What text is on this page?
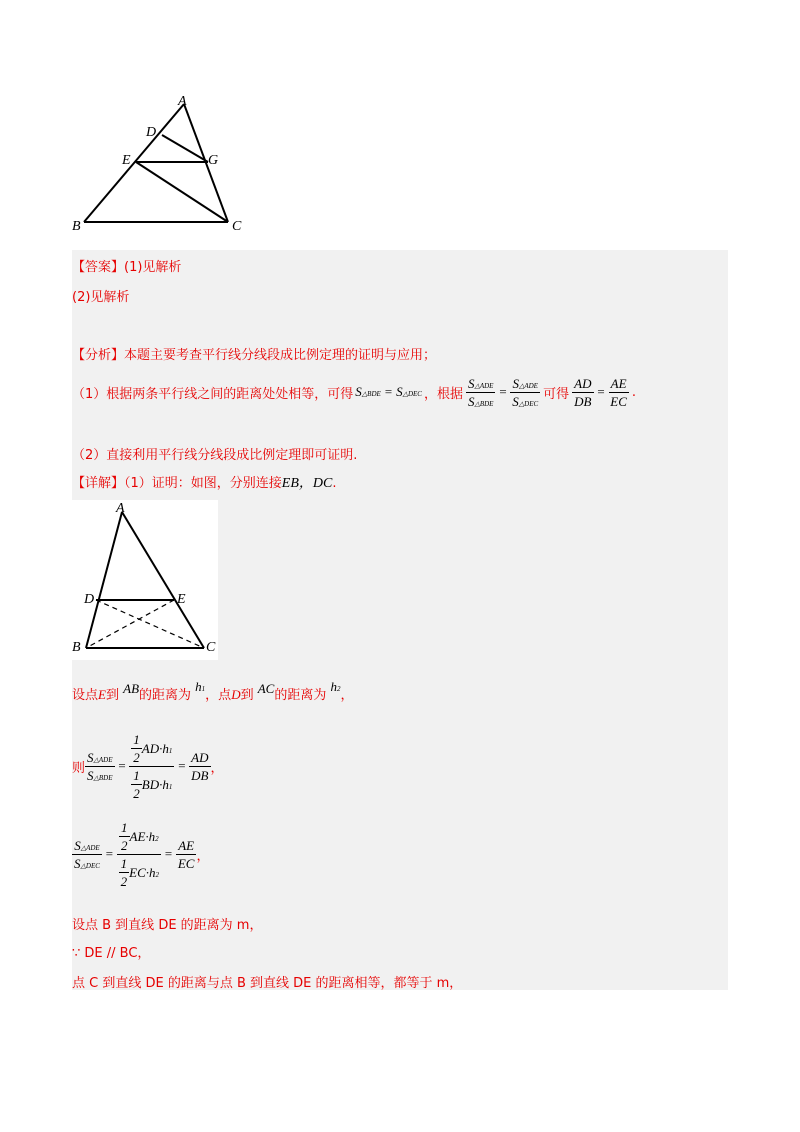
A
D
E	G
B	C
【答案】(1)见解析
(2)见解析
【分析】本题主要考查平行线分线段成比例定理的证明与应用；
（1）根据两条平行线之间的距离处处相等，可得 S△BDE = S△DEC ，根据 $\frac{\text{S△ADE}}{\text{S△BDE}} = \frac{\text{S△ADE}}{\text{S△DEC}}$ 可得 $\frac{AD}{DB} = \frac{AE}{EC}$ .
（2）直接利用平行线分线段成比例定理即可证明.
【详解】（1）证明：如图，分别连接EB，DC.
A
D	E
B	C
设点E到 AB的距离为 h1，点D到 AC的距离为 h2，
则 $\frac{\text{S△ADE}}{\text{S△BDE}} = \frac{\frac{1}{2} AD\cdot h1}{\frac{1}{2} BD\cdot h1} = \frac{AD}{DB}$ ，
$\frac{\text{S△ADE}}{\text{S△DEC}} = \frac{\frac{1}{2} AE\cdot h2}{\frac{1}{2} EC\cdot h2} = \frac{AE}{EC}$ ，
设点 B 到直线 DE 的距离为 m，
∵ DE // BC，
点 C 到直线 DE 的距离与点 B 到直线 DE 的距离相等，都等于 m，
